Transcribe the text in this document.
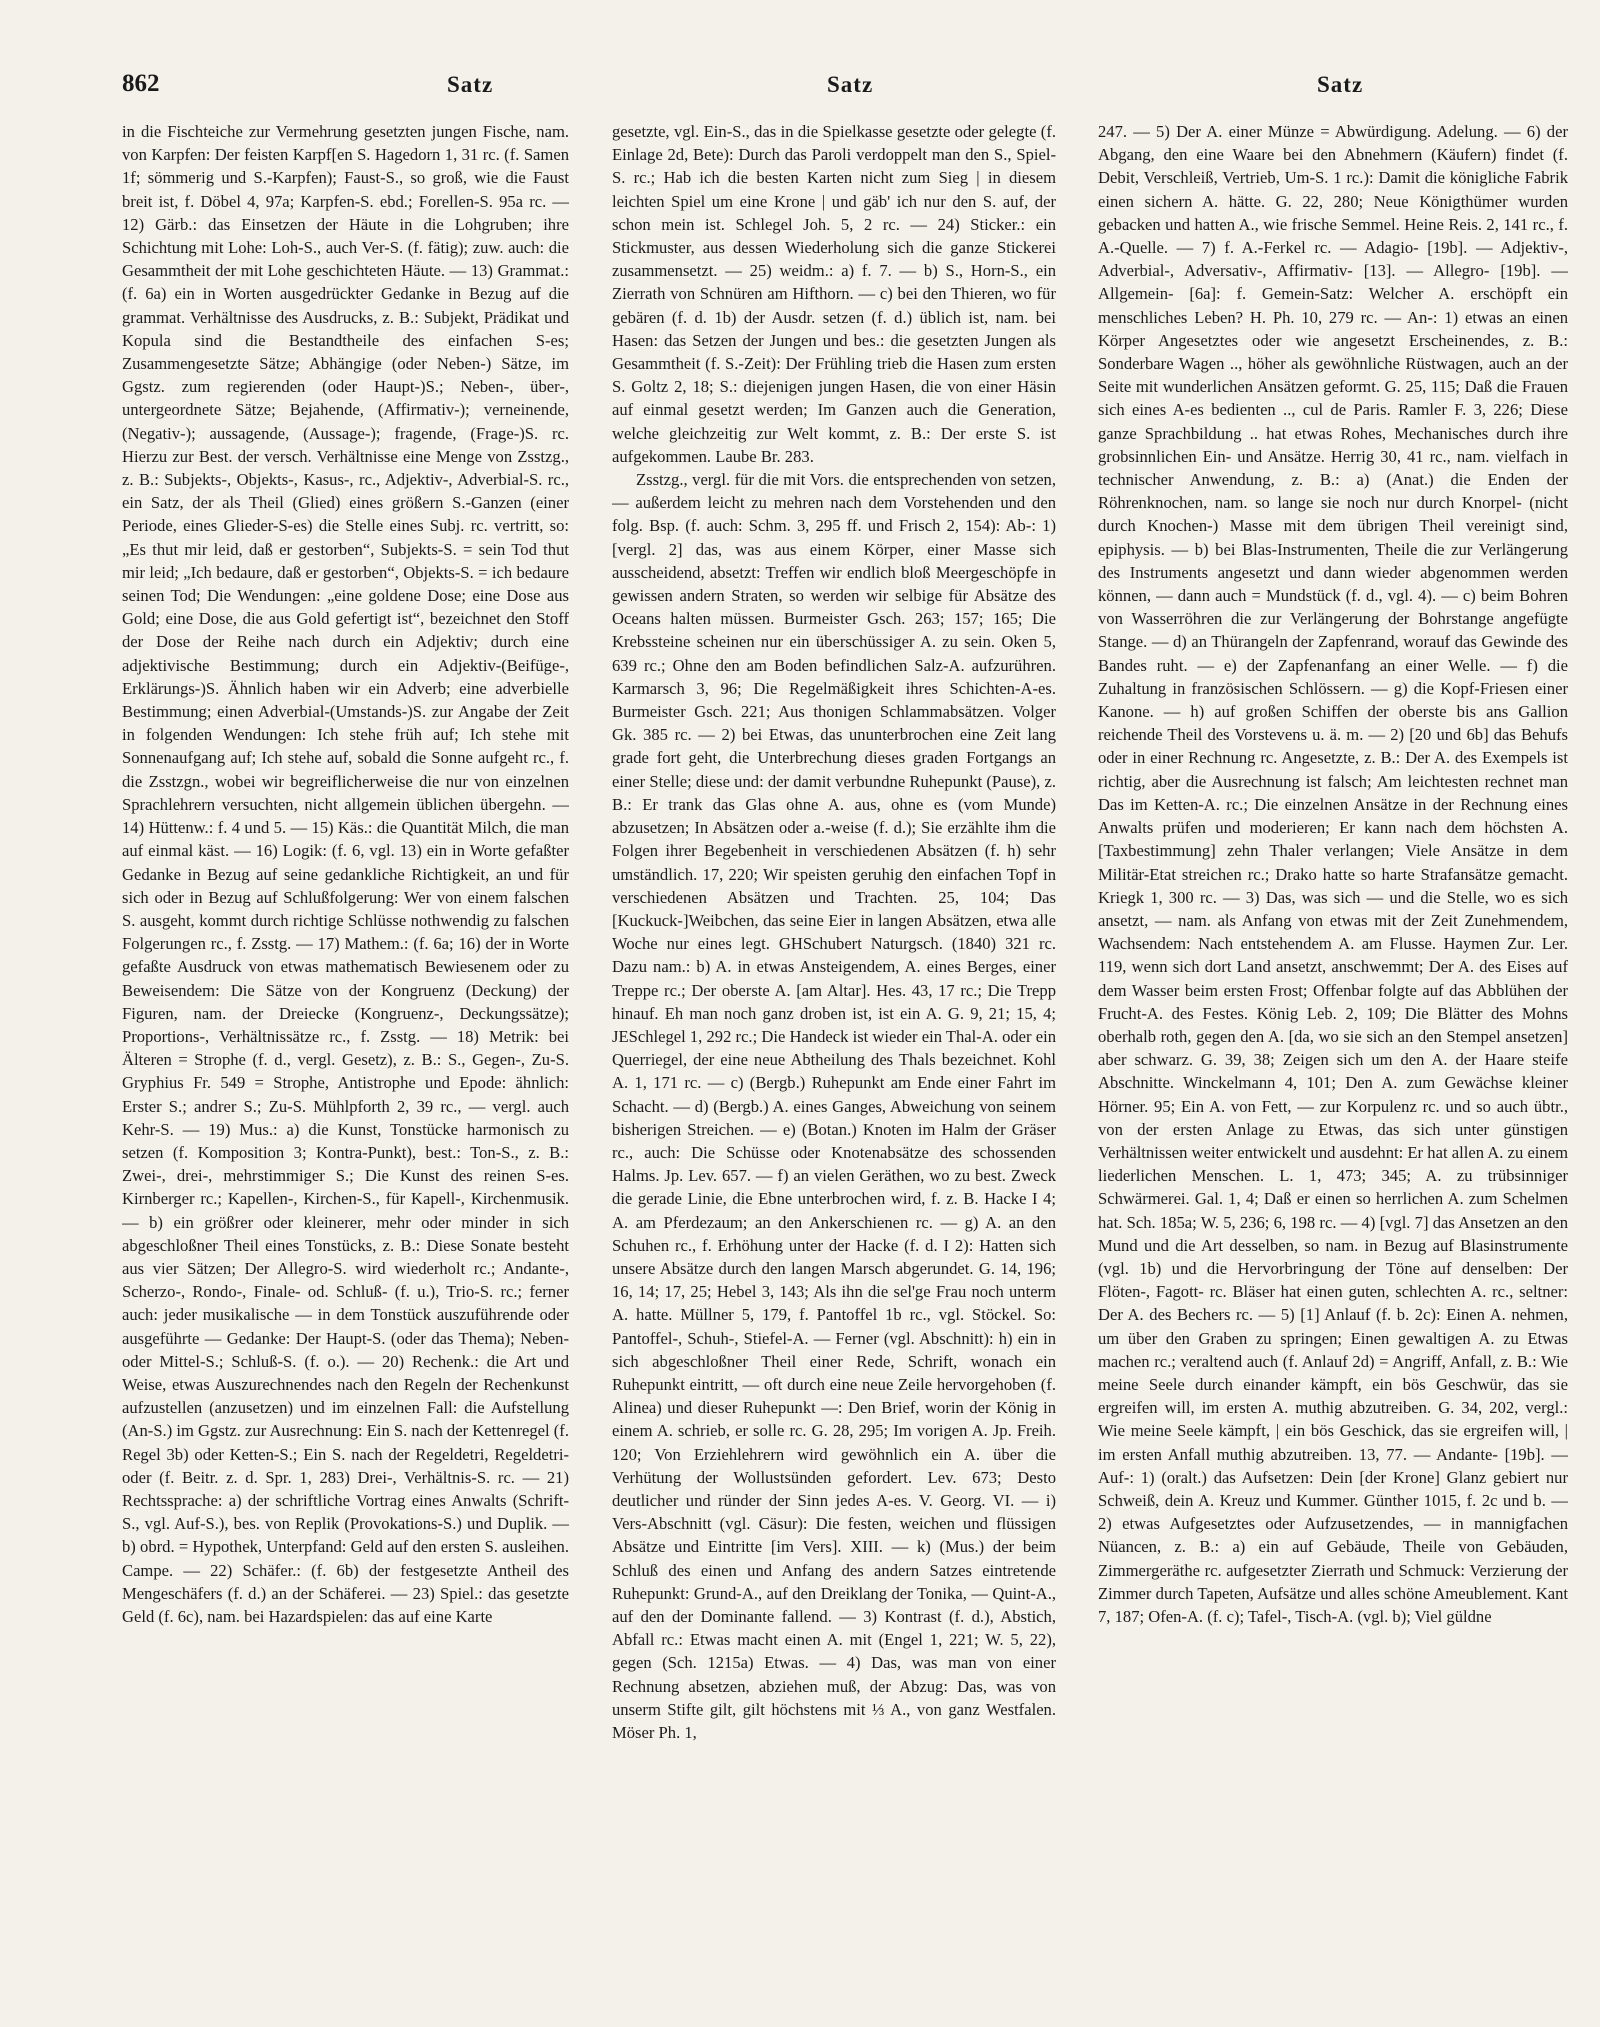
862	Satz	Satz	Satz

in die Fischteiche zur Vermehrung gesetzten jungen Fische, nam. von Karpfen: Der feisten Karpf[en S. Hagedorn 1, 31 rc. (f. Samen 1f; sömmerig und S.-Karpfen); Faust-S., so groß, wie die Faust breit ist, f. Döbel 4, 97a; Karpfen-S. ebd.; Forellen-S. 95a rc. — 12) Gärb.: das Einsetzen der Häute in die Lohgruben; ihre Schichtung mit Lohe: Loh-S., auch Ver-S. (f. fätig); zuw. auch: die Gesammtheit der mit Lohe geschichteten Häute. — 13) Grammat.: (f. 6a) ein in Worten ausgedrückter Gedanke in Bezug auf die grammat. Verhältnisse des Ausdrucks, z. B.: Subjekt, Prädikat und Kopula sind die Bestandtheile des einfachen S-es; Zusammengesetzte Sätze; Abhängige (oder Neben-) Sätze, im Ggstz. zum regierenden (oder Haupt-)S.; Neben-, über-, untergeordnete Sätze; Bejahende, (Affirmativ-); verneinende, (Negativ-); aussagende, (Aussage-); fragende, (Frage-)S. rc. Hierzu zur Best. der versch. Verhältnisse eine Menge von Zsstzg., z. B.: Subjekts-, Objekts-, Kasus-, rc., Adjektiv-, Adverbial-S. rc., ein Satz, der als Theil (Glied) eines größern S.-Ganzen (einer Periode, eines Glieder-S-es) die Stelle eines Subj. rc. vertritt, so: „Es thut mir leid, daß er gestorben“, Subjekts-S. = sein Tod thut mir leid; „Ich bedaure, daß er gestorben“, Objekts-S. = ich bedaure seinen Tod; Die Wendungen: „eine goldene Dose; eine Dose aus Gold; eine Dose, die aus Gold gefertigt ist“, bezeichnet den Stoff der Dose der Reihe nach durch ein Adjektiv; durch eine adjektivische Bestimmung; durch ein Adjektiv-(Beifüge-, Erklärungs-)S. Ähnlich haben wir ein Adverb; eine adverbielle Bestimmung; einen Adverbial-(Umstands-)S. zur Angabe der Zeit in folgenden Wendungen: Ich stehe früh auf; Ich stehe mit Sonnenaufgang auf; Ich stehe auf, sobald die Sonne aufgeht rc., f. die Zsstzgn., wobei wir begreiflicherweise die nur von einzelnen Sprachlehrern versuchten, nicht allgemein üblichen übergehn. — 14) Hüttenw.: f. 4 und 5. — 15) Käs.: die Quantität Milch, die man auf einmal käst. — 16) Logik: (f. 6, vgl. 13) ein in Worte gefaßter Gedanke in Bezug auf seine gedankliche Richtigkeit, an und für sich oder in Bezug auf Schlußfolgerung: Wer von einem falschen S. ausgeht, kommt durch richtige Schlüsse nothwendig zu falschen Folgerungen rc., f. Zsstg. — 17) Mathem.: (f. 6a; 16) der in Worte gefaßte Ausdruck von etwas mathematisch Bewiesenem oder zu Beweisendem: Die Sätze von der Kongruenz (Deckung) der Figuren, nam. der Dreiecke (Kongruenz-, Deckungssätze); Proportions-, Verhältnissätze rc., f. Zsstg. — 18) Metrik: bei Älteren = Strophe (f. d., vergl. Gesetz), z. B.: S., Gegen-, Zu-S. Gryphius Fr. 549 = Strophe, Antistrophe und Epode: ähnlich: Erster S.; andrer S.; Zu-S. Mühlpforth 2, 39 rc., — vergl. auch Kehr-S. — 19) Mus.: a) die Kunst, Tonstücke harmonisch zu setzen (f. Komposition 3; Kontra-Punkt), best.: Ton-S., z. B.: Zwei-, drei-, mehrstimmiger S.; Die Kunst des reinen S-es. Kirnberger rc.; Kapellen-, Kirchen-S., für Kapell-, Kirchenmusik. — b) ein größrer oder kleinerer, mehr oder minder in sich abgeschloßner Theil eines Tonstücks, z. B.: Diese Sonate besteht aus vier Sätzen; Der Allegro-S. wird wiederholt rc.; Andante-, Scherzo-, Rondo-, Finale- od. Schluß- (f. u.), Trio-S. rc.; ferner auch: jeder musikalische — in dem Tonstück auszuführende oder ausgeführte — Gedanke: Der Haupt-S. (oder das Thema); Neben- oder Mittel-S.; Schluß-S. (f. o.). — 20) Rechenk.: die Art und Weise, etwas Auszurechnendes nach den Regeln der Rechenkunst aufzustellen (anzusetzen) und im einzelnen Fall: die Aufstellung (An-S.) im Ggstz. zur Ausrechnung: Ein S. nach der Kettenregel (f. Regel 3b) oder Ketten-S.; Ein S. nach der Regeldetri, Regeldetri- oder (f. Beitr. z. d. Spr. 1, 283) Drei-, Verhältnis-S. rc. — 21) Rechtssprache: a) der schriftliche Vortrag eines Anwalts (Schrift-S., vgl. Auf-S.), bes. von Replik (Provokations-S.) und Duplik. — b) obrd. = Hypothek, Unterpfand: Geld auf den ersten S. ausleihen. Campe. — 22) Schäfer.: (f. 6b) der festgesetzte Antheil des Mengeschäfers (f. d.) an der Schäferei. — 23) Spiel.: das gesetzte Geld (f. 6c), nam. bei Hazardspielen: das auf eine Karte

gesetzte, vgl. Ein-S., das in die Spielkasse gesetzte oder gelegte (f. Einlage 2d, Bete): Durch das Paroli verdoppelt man den S., Spiel-S. rc.; Hab ich die besten Karten nicht zum Sieg | in diesem leichten Spiel um eine Krone | und gäb' ich nur den S. auf, der schon mein ist. Schlegel Joh. 5, 2 rc. — 24) Sticker.: ein Stickmuster, aus dessen Wiederholung sich die ganze Stickerei zusammensetzt. — 25) weidm.: a) f. 7. — b) S., Horn-S., ein Zierrath von Schnüren am Hifthorn. — c) bei den Thieren, wo für gebären (f. d. 1b) der Ausdr. setzen (f. d.) üblich ist, nam. bei Hasen: das Setzen der Jungen und bes.: die gesetzten Jungen als Gesammtheit (f. S.-Zeit): Der Frühling trieb die Hasen zum ersten S. Goltz 2, 18; S.: diejenigen jungen Hasen, die von einer Häsin auf einmal gesetzt werden; Im Ganzen auch die Generation, welche gleichzeitig zur Welt kommt, z. B.: Der erste S. ist aufgekommen. Laube Br. 283.

Zsstzg., vergl. für die mit Vors. die entsprechenden von setzen, — außerdem leicht zu mehren nach dem Vorstehenden und den folg. Bsp. (f. auch: Schm. 3, 295 ff. und Frisch 2, 154): Ab-: 1) [vergl. 2] das, was aus einem Körper, einer Masse sich ausscheidend, absetzt: Treffen wir endlich bloß Meergeschöpfe in gewissen andern Straten, so werden wir selbige für Absätze des Oceans halten müssen. Burmeister Gsch. 263; 157; 165; Die Krebssteine scheinen nur ein überschüssiger A. zu sein. Oken 5, 639 rc.; Ohne den am Boden befindlichen Salz-A. aufzurühren. Karmarsch 3, 96; Die Regelmäßigkeit ihres Schichten-A-es. Burmeister Gsch. 221; Aus thonigen Schlammabsätzen. Volger Gk. 385 rc. — 2) bei Etwas, das ununterbrochen eine Zeit lang grade fort geht, die Unterbrechung dieses graden Fortgangs an einer Stelle; diese und: der damit verbundne Ruhepunkt (Pause), z. B.: Er trank das Glas ohne A. aus, ohne es (vom Munde) abzusetzen; In Absätzen oder a.-weise (f. d.); Sie erzählte ihm die Folgen ihrer Begebenheit in verschiedenen Absätzen (f. h) sehr umständlich. 17, 220; Wir speisten geruhig den einfachen Topf in verschiedenen Absätzen und Trachten. 25, 104; Das [Kuckuck-]Weibchen, das seine Eier in langen Absätzen, etwa alle Woche nur eines legt. GHSchubert Naturgsch. (1840) 321 rc. Dazu nam.: b) A. in etwas Ansteigendem, A. eines Berges, einer Treppe rc.; Der oberste A. [am Altar]. Hes. 43, 17 rc.; Die Trepp hinauf. Eh man noch ganz droben ist, ist ein A. G. 9, 21; 15, 4; JESchlegel 1, 292 rc.; Die Handeck ist wieder ein Thal-A. oder ein Querriegel, der eine neue Abtheilung des Thals bezeichnet. Kohl A. 1, 171 rc. — c) (Bergb.) Ruhepunkt am Ende einer Fahrt im Schacht. — d) (Bergb.) A. eines Ganges, Abweichung von seinem bisherigen Streichen. — e) (Botan.) Knoten im Halm der Gräser rc., auch: Die Schüsse oder Knotenabsätze des schossenden Halms. Jp. Lev. 657. — f) an vielen Geräthen, wo zu best. Zweck die gerade Linie, die Ebne unterbrochen wird, f. z. B. Hacke I 4; A. am Pferdezaum; an den Ankerschienen rc. — g) A. an den Schuhen rc., f. Erhöhung unter der Hacke (f. d. I 2): Hatten sich unsere Absätze durch den langen Marsch abgerundet. G. 14, 196; 16, 14; 17, 25; Hebel 3, 143; Als ihn die sel'ge Frau noch unterm A. hatte. Müllner 5, 179, f. Pantoffel 1b rc., vgl. Stöckel. So: Pantoffel-, Schuh-, Stiefel-A. — Ferner (vgl. Abschnitt): h) ein in sich abgeschloßner Theil einer Rede, Schrift, wonach ein Ruhepunkt eintritt, — oft durch eine neue Zeile hervorgehoben (f. Alinea) und dieser Ruhepunkt —: Den Brief, worin der König in einem A. schrieb, er solle rc. G. 28, 295; Im vorigen A. Jp. Freih. 120; Von Erziehlehrern wird gewöhnlich ein A. über die Verhütung der Wollustsünden gefordert. Lev. 673; Desto deutlicher und ründer der Sinn jedes A-es. V. Georg. VI. — i) Vers-Abschnitt (vgl. Cäsur): Die festen, weichen und flüssigen Absätze und Eintritte [im Vers]. XIII. — k) (Mus.) der beim Schluß des einen und Anfang des andern Satzes eintretende Ruhepunkt: Grund-A., auf den Dreiklang der Tonika, — Quint-A., auf den der Dominante fallend. — 3) Kontrast (f. d.), Abstich, Abfall rc.: Etwas macht einen A. mit (Engel 1, 221; W. 5, 22), gegen (Sch. 1215a) Etwas. — 4) Das, was man von einer Rechnung absetzen, abziehen muß, der Abzug: Das, was von unserm Stifte gilt, gilt höchstens mit ⅓ A., von ganz Westfalen. Möser Ph. 1,

247. — 5) Der A. einer Münze = Abwürdigung. Adelung. — 6) der Abgang, den eine Waare bei den Abnehmern (Käufern) findet (f. Debit, Verschleiß, Vertrieb, Um-S. 1 rc.): Damit die königliche Fabrik einen sichern A. hätte. G. 22, 280; Neue Königthümer wurden gebacken und hatten A., wie frische Semmel. Heine Reis. 2, 141 rc., f. A.-Quelle. — 7) f. A.-Ferkel rc. — Adagio- [19b]. — Adjektiv-, Adverbial-, Adversativ-, Affirmativ- [13]. — Allegro- [19b]. — Allgemein- [6a]: f. Gemein-Satz: Welcher A. erschöpft ein menschliches Leben? H. Ph. 10, 279 rc. — An-: 1) etwas an einen Körper Angesetztes oder wie angesetzt Erscheinendes, z. B.: Sonderbare Wagen .., höher als gewöhnliche Rüstwagen, auch an der Seite mit wunderlichen Ansätzen geformt. G. 25, 115; Daß die Frauen sich eines A-es bedienten .., cul de Paris. Ramler F. 3, 226; Diese ganze Sprachbildung .. hat etwas Rohes, Mechanisches durch ihre grobsinnlichen Ein- und Ansätze. Herrig 30, 41 rc., nam. vielfach in technischer Anwendung, z. B.: a) (Anat.) die Enden der Röhrenknochen, nam. so lange sie noch nur durch Knorpel- (nicht durch Knochen-) Masse mit dem übrigen Theil vereinigt sind, epiphysis. — b) bei Blas-Instrumenten, Theile die zur Verlängerung des Instruments angesetzt und dann wieder abgenommen werden können, — dann auch = Mundstück (f. d., vgl. 4). — c) beim Bohren von Wasserröhren die zur Verlängerung der Bohrstange angefügte Stange. — d) an Thürangeln der Zapfenrand, worauf das Gewinde des Bandes ruht. — e) der Zapfenanfang an einer Welle. — f) die Zuhaltung in französischen Schlössern. — g) die Kopf-Friesen einer Kanone. — h) auf großen Schiffen der oberste bis ans Gallion reichende Theil des Vorstevens u. ä. m. — 2) [20 und 6b] das Behufs oder in einer Rechnung rc. Angesetzte, z. B.: Der A. des Exempels ist richtig, aber die Ausrechnung ist falsch; Am leichtesten rechnet man Das im Ketten-A. rc.; Die einzelnen Ansätze in der Rechnung eines Anwalts prüfen und moderieren; Er kann nach dem höchsten A. [Taxbestimmung] zehn Thaler verlangen; Viele Ansätze in dem Militär-Etat streichen rc.; Drako hatte so harte Strafansätze gemacht. Kriegk 1, 300 rc. — 3) Das, was sich — und die Stelle, wo es sich ansetzt, — nam. als Anfang von etwas mit der Zeit Zunehmendem, Wachsendem: Nach entstehendem A. am Flusse. Haymen Zur. Ler. 119, wenn sich dort Land ansetzt, anschwemmt; Der A. des Eises auf dem Wasser beim ersten Frost; Offenbar folgte auf das Abblühen der Frucht-A. des Festes. König Leb. 2, 109; Die Blätter des Mohns oberhalb roth, gegen den A. [da, wo sie sich an den Stempel ansetzen] aber schwarz. G. 39, 38; Zeigen sich um den A. der Haare steife Abschnitte. Winckelmann 4, 101; Den A. zum Gewächse kleiner Hörner. 95; Ein A. von Fett, — zur Korpulenz rc. und so auch übtr., von der ersten Anlage zu Etwas, das sich unter günstigen Verhältnissen weiter entwickelt und ausdehnt: Er hat allen A. zu einem liederlichen Menschen. L. 1, 473; 345; A. zu trübsinniger Schwärmerei. Gal. 1, 4; Daß er einen so herrlichen A. zum Schelmen hat. Sch. 185a; W. 5, 236; 6, 198 rc. — 4) [vgl. 7] das Ansetzen an den Mund und die Art desselben, so nam. in Bezug auf Blasinstrumente (vgl. 1b) und die Hervorbringung der Töne auf denselben: Der Flöten-, Fagott- rc. Bläser hat einen guten, schlechten A. rc., seltner: Der A. des Bechers rc. — 5) [1] Anlauf (f. b. 2c): Einen A. nehmen, um über den Graben zu springen; Einen gewaltigen A. zu Etwas machen rc.; veraltend auch (f. Anlauf 2d) = Angriff, Anfall, z. B.: Wie meine Seele durch einander kämpft, ein bös Geschwür, das sie ergreifen will, im ersten A. muthig abzutreiben. G. 34, 202, vergl.: Wie meine Seele kämpft, | ein bös Geschick, das sie ergreifen will, | im ersten Anfall muthig abzutreiben. 13, 77. — Andante- [19b]. — Auf-: 1) (oralt.) das Aufsetzen: Dein [der Krone] Glanz gebiert nur Schweiß, dein A. Kreuz und Kummer. Günther 1015, f. 2c und b. — 2) etwas Aufgesetztes oder Aufzusetzendes, — in mannigfachen Nüancen, z. B.: a) ein auf Gebäude, Theile von Gebäuden, Zimmergeräthe rc. aufgesetzter Zierrath und Schmuck: Verzierung der Zimmer durch Tapeten, Aufsätze und alles schöne Ameublement. Kant 7, 187; Ofen-A. (f. c); Tafel-, Tisch-A. (vgl. b); Viel güldne
